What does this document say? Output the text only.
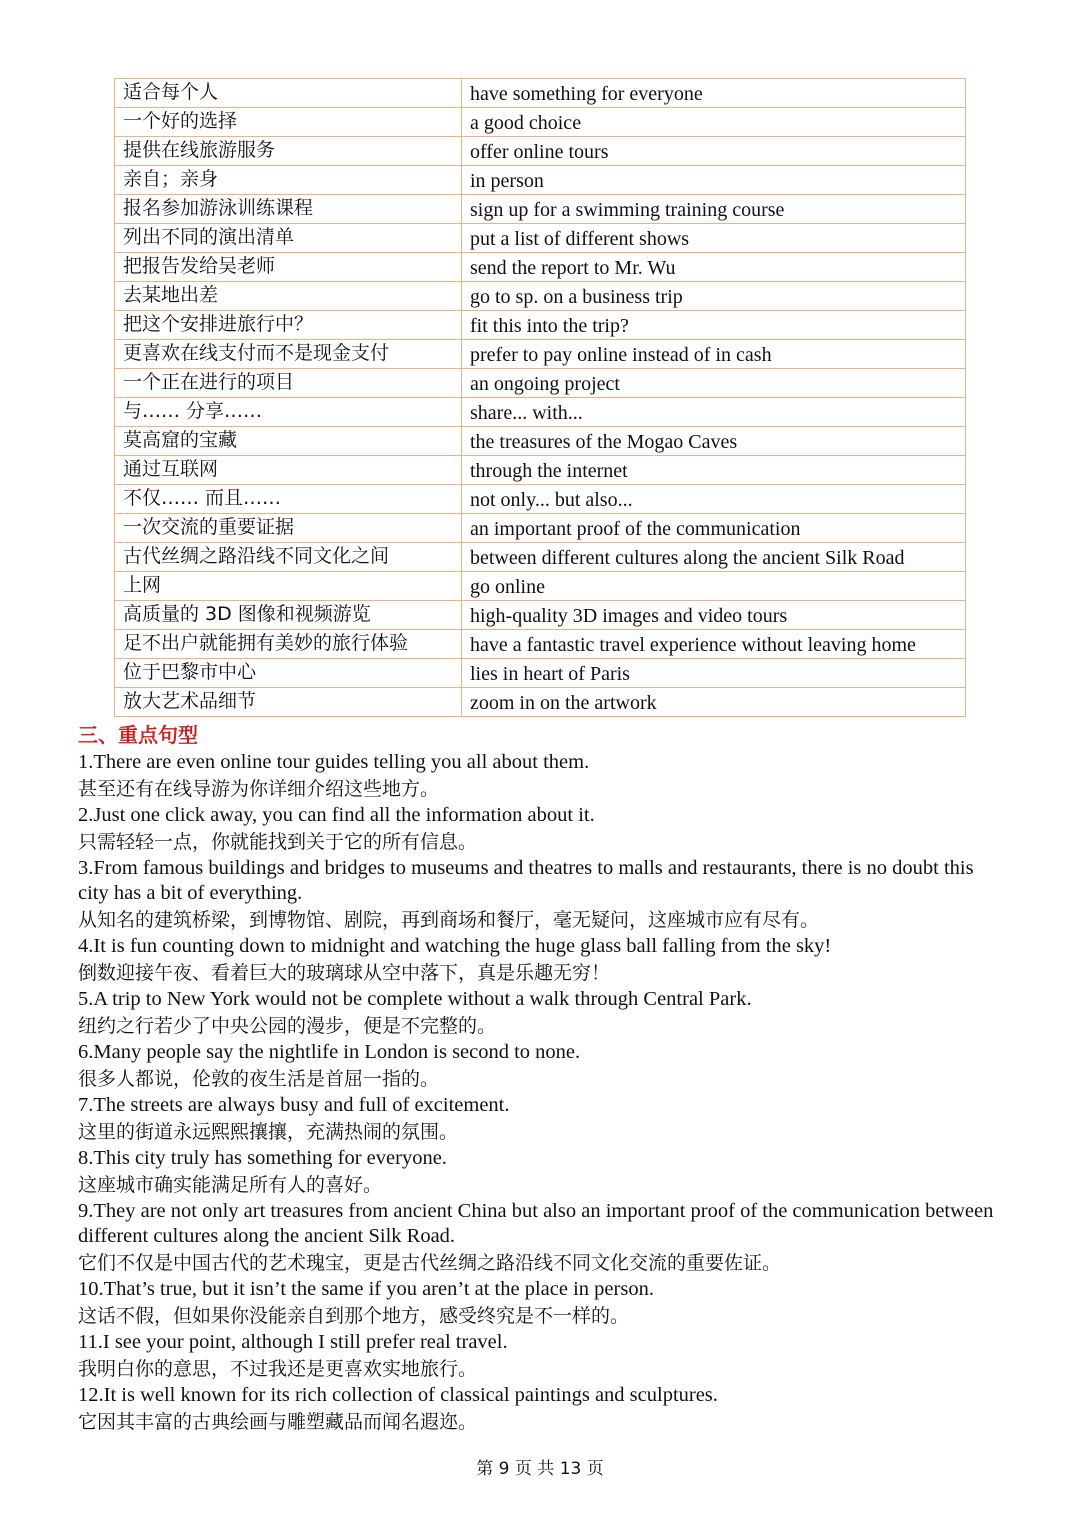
适合每个人	have something for everyone
一个好的选择	a good choice
提供在线旅游服务	offer online tours
亲自；亲身	in person
报名参加游泳训练课程	sign up for a swimming training course
列出不同的演出清单	put a list of different shows
把报告发给吴老师	send the report to Mr. Wu
去某地出差	go to sp. on a business trip
把这个安排进旅行中？	fit this into the trip?
更喜欢在线支付而不是现金支付	prefer to pay online instead of in cash
一个正在进行的项目	an ongoing project
与…… 分享……	share... with...
莫高窟的宝藏	the treasures of the Mogao Caves
通过互联网	through the internet
不仅…… 而且……	not only... but also...
一次交流的重要证据	an important proof of the communication
古代丝绸之路沿线不同文化之间	between different cultures along the ancient Silk Road
上网	go online
高质量的 3D 图像和视频游览	high-quality 3D images and video tours
足不出户就能拥有美妙的旅行体验	have a fantastic travel experience without leaving home
位于巴黎市中心	lies in heart of Paris
放大艺术品细节	zoom in on the artwork
三、重点句型
1.There are even online tour guides telling you all about them.
甚至还有在线导游为你详细介绍这些地方。
2.Just one click away, you can find all the information about it.
只需轻轻一点，你就能找到关于它的所有信息。
3.From famous buildings and bridges to museums and theatres to malls and restaurants, there is no doubt this city has a bit of everything.
从知名的建筑桥梁，到博物馆、剧院，再到商场和餐厅，毫无疑问，这座城市应有尽有。
4.It is fun counting down to midnight and watching the huge glass ball falling from the sky!
倒数迎接午夜、看着巨大的玻璃球从空中落下，真是乐趣无穷！
5.A trip to New York would not be complete without a walk through Central Park.
纽约之行若少了中央公园的漫步，便是不完整的。
6.Many people say the nightlife in London is second to none.
很多人都说，伦敦的夜生活是首屈一指的。
7.The streets are always busy and full of excitement.
这里的街道永远熙熙攘攘，充满热闹的氛围。
8.This city truly has something for everyone.
这座城市确实能满足所有人的喜好。
9.They are not only art treasures from ancient China but also an important proof of the communication between different cultures along the ancient Silk Road.
它们不仅是中国古代的艺术瑰宝，更是古代丝绸之路沿线不同文化交流的重要佐证。
10.That’s true, but it isn’t the same if you aren’t at the place in person.
这话不假，但如果你没能亲自到那个地方，感受终究是不一样的。
11.I see your point, although I still prefer real travel.
我明白你的意思，不过我还是更喜欢实地旅行。
12.It is well known for its rich collection of classical paintings and sculptures.
它因其丰富的古典绘画与雕塑藏品而闻名遐迩。
第 9 页 共 13 页
